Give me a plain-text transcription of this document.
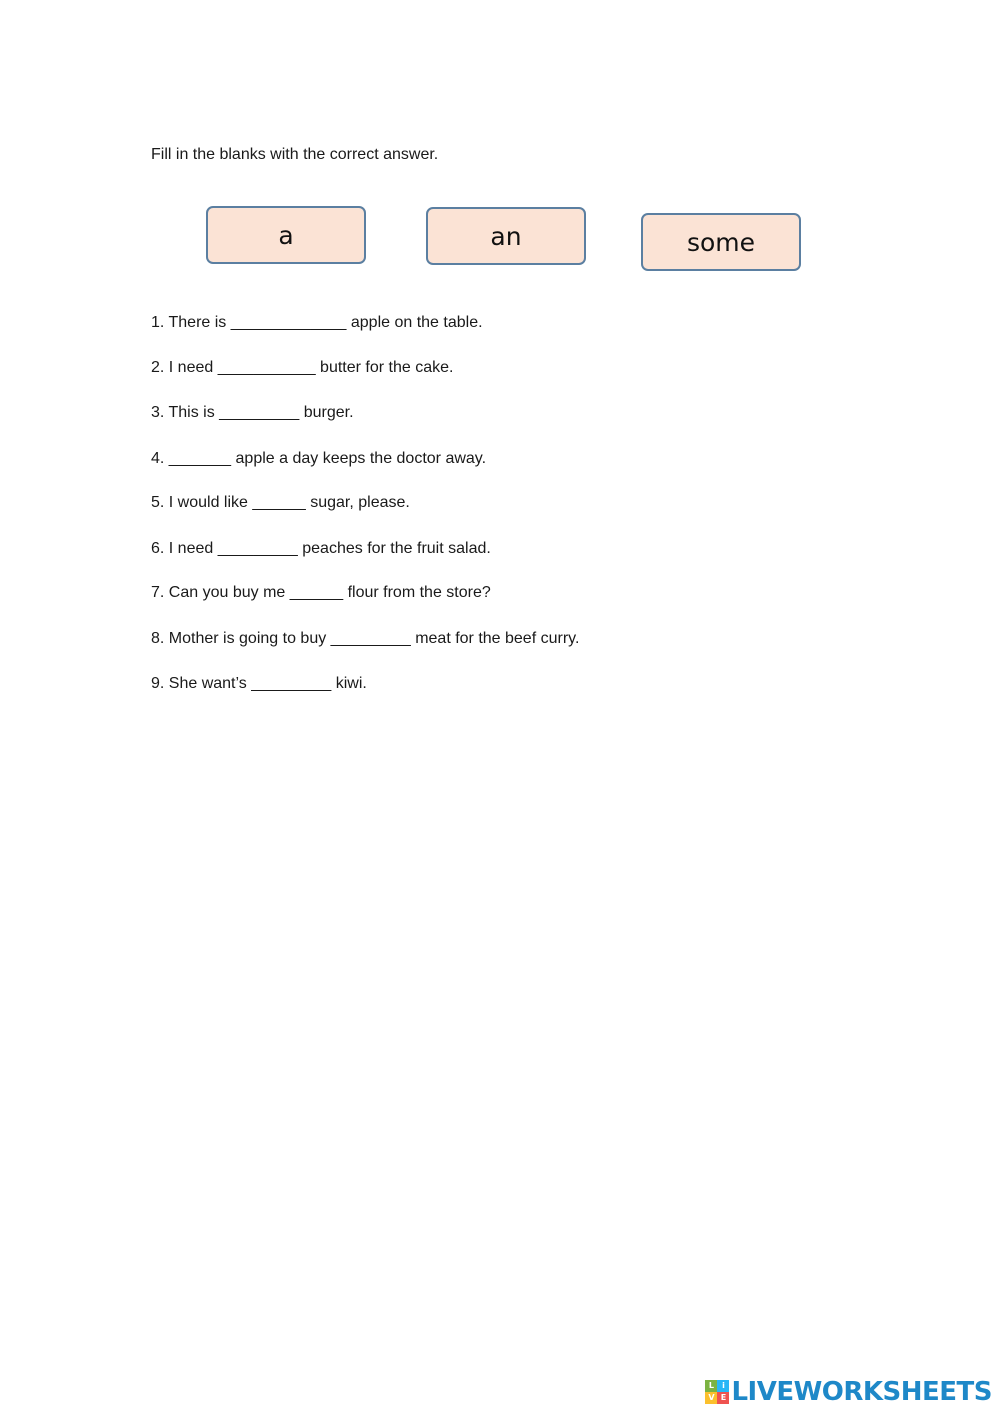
Fill in the blanks with the correct answer.
a	an	some
1. There is _____________ apple on the table.
2. I need ___________ butter for the cake.
3. This is _________ burger.
4. _______ apple a day keeps the doctor away.
5. I would like ______ sugar, please.
6. I need _________ peaches for the fruit salad.
7. Can you buy me ______ flour from the store?
8. Mother is going to buy _________ meat for the beef curry.
9. She want’s _________ kiwi.
L	i
V E LIVEWORKSHEETS
